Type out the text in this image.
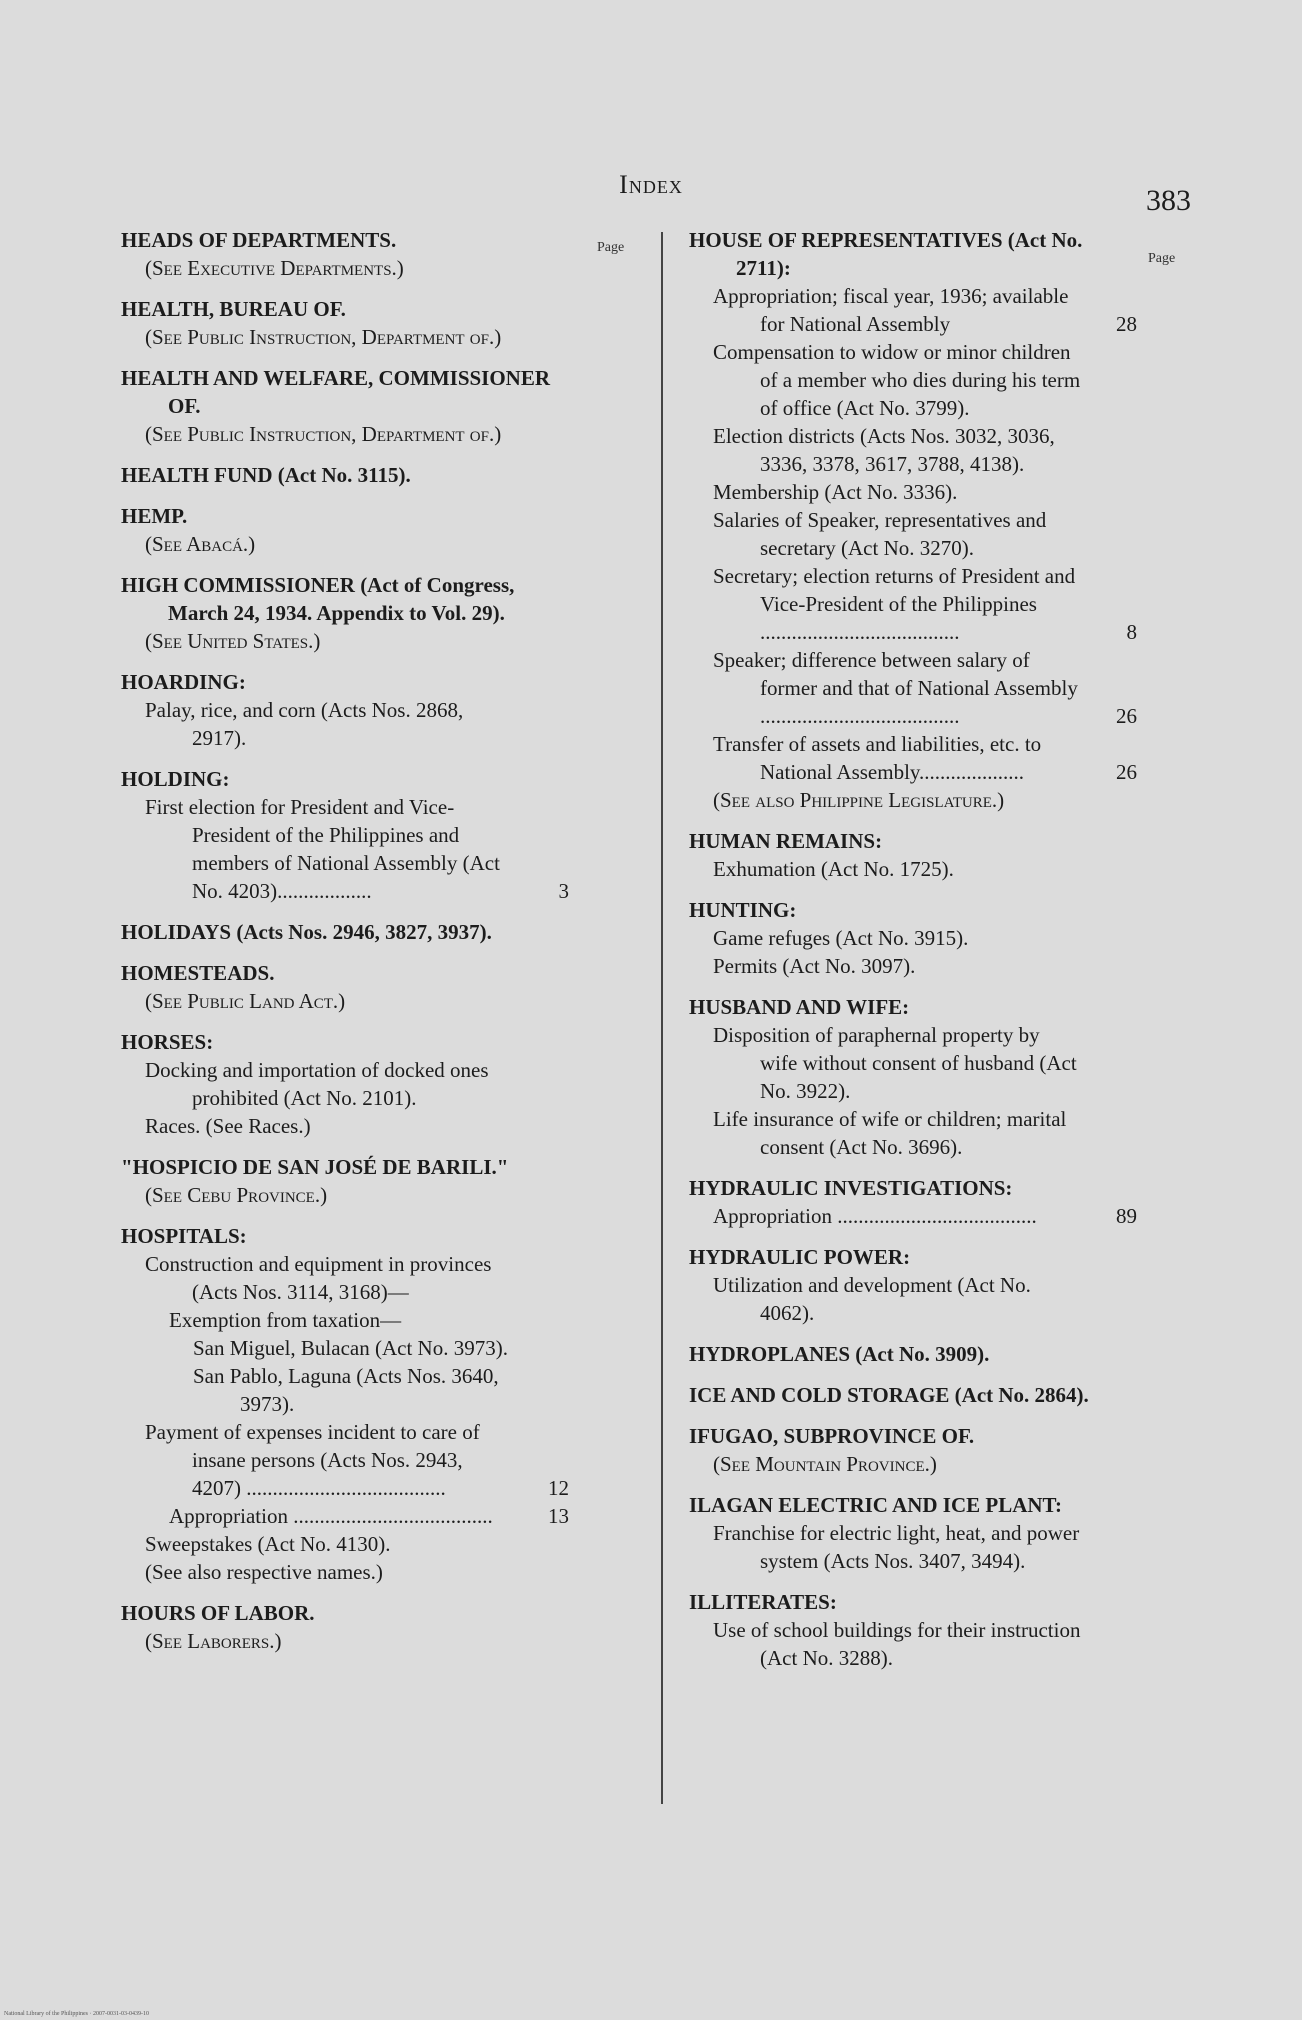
Index	383
Page
Page
HEADS OF DEPARTMENTS.
(See Executive Departments.)
HEALTH, BUREAU OF.
(See Public Instruction, Department of.)
HEALTH AND WELFARE, COMMISSIONER OF.
(See Public Instruction, Department of.)
HEALTH FUND (Act No. 3115).
HEMP.
(See Abacá.)
HIGH COMMISSIONER (Act of Congress, March 24, 1934. Appendix to Vol. 29).
(See United States.)
HOARDING:
Palay, rice, and corn (Acts Nos. 2868, 2917).
HOLDING:
First election for President and Vice-President of the Philippines and members of National Assembly (Act No. 4203)..................	3
HOLIDAYS (Acts Nos. 2946, 3827, 3937).
HOMESTEADS.
(See Public Land Act.)
HORSES:
Docking and importation of docked ones prohibited (Act No. 2101).
Races. (See Races.)
"HOSPICIO DE SAN JOSÉ DE BARILI."
(See Cebu Province.)
HOSPITALS:
Construction and equipment in provinces (Acts Nos. 3114, 3168)—
Exemption from taxation—
San Miguel, Bulacan (Act No. 3973).
San Pablo, Laguna (Acts Nos. 3640, 3973).
Payment of expenses incident to care of insane persons (Acts Nos. 2943, 4207) ......................................	12
Appropriation ......................................	13
Sweepstakes (Act No. 4130).
(See also respective names.)
HOURS OF LABOR.
(See Laborers.)
HOUSE OF REPRESENTATIVES (Act No. 2711):
Appropriation; fiscal year, 1936; available for National Assembly	28
Compensation to widow or minor children of a member who dies during his term of office (Act No. 3799).
Election districts (Acts Nos. 3032, 3036, 3336, 3378, 3617, 3788, 4138).
Membership (Act No. 3336).
Salaries of Speaker, representatives and secretary (Act No. 3270).
Secretary; election returns of President and Vice-President of the Philippines ......................................	8
Speaker; difference between salary of former and that of National Assembly ......................................	26
Transfer of assets and liabilities, etc. to National Assembly....................	26
(See also Philippine Legislature.)
HUMAN REMAINS:
Exhumation (Act No. 1725).
HUNTING:
Game refuges (Act No. 3915).
Permits (Act No. 3097).
HUSBAND AND WIFE:
Disposition of paraphernal property by wife without consent of husband (Act No. 3922).
Life insurance of wife or children; marital consent (Act No. 3696).
HYDRAULIC INVESTIGATIONS:
Appropriation ......................................	89
HYDRAULIC POWER:
Utilization and development (Act No. 4062).
HYDROPLANES (Act No. 3909).
ICE AND COLD STORAGE (Act No. 2864).
IFUGAO, SUBPROVINCE OF.
(See Mountain Province.)
ILAGAN ELECTRIC AND ICE PLANT:
Franchise for electric light, heat, and power system (Acts Nos. 3407, 3494).
ILLITERATES:
Use of school buildings for their instruction (Act No. 3288).
National Library of the Philippines · 2007-0031-03-0439-10
